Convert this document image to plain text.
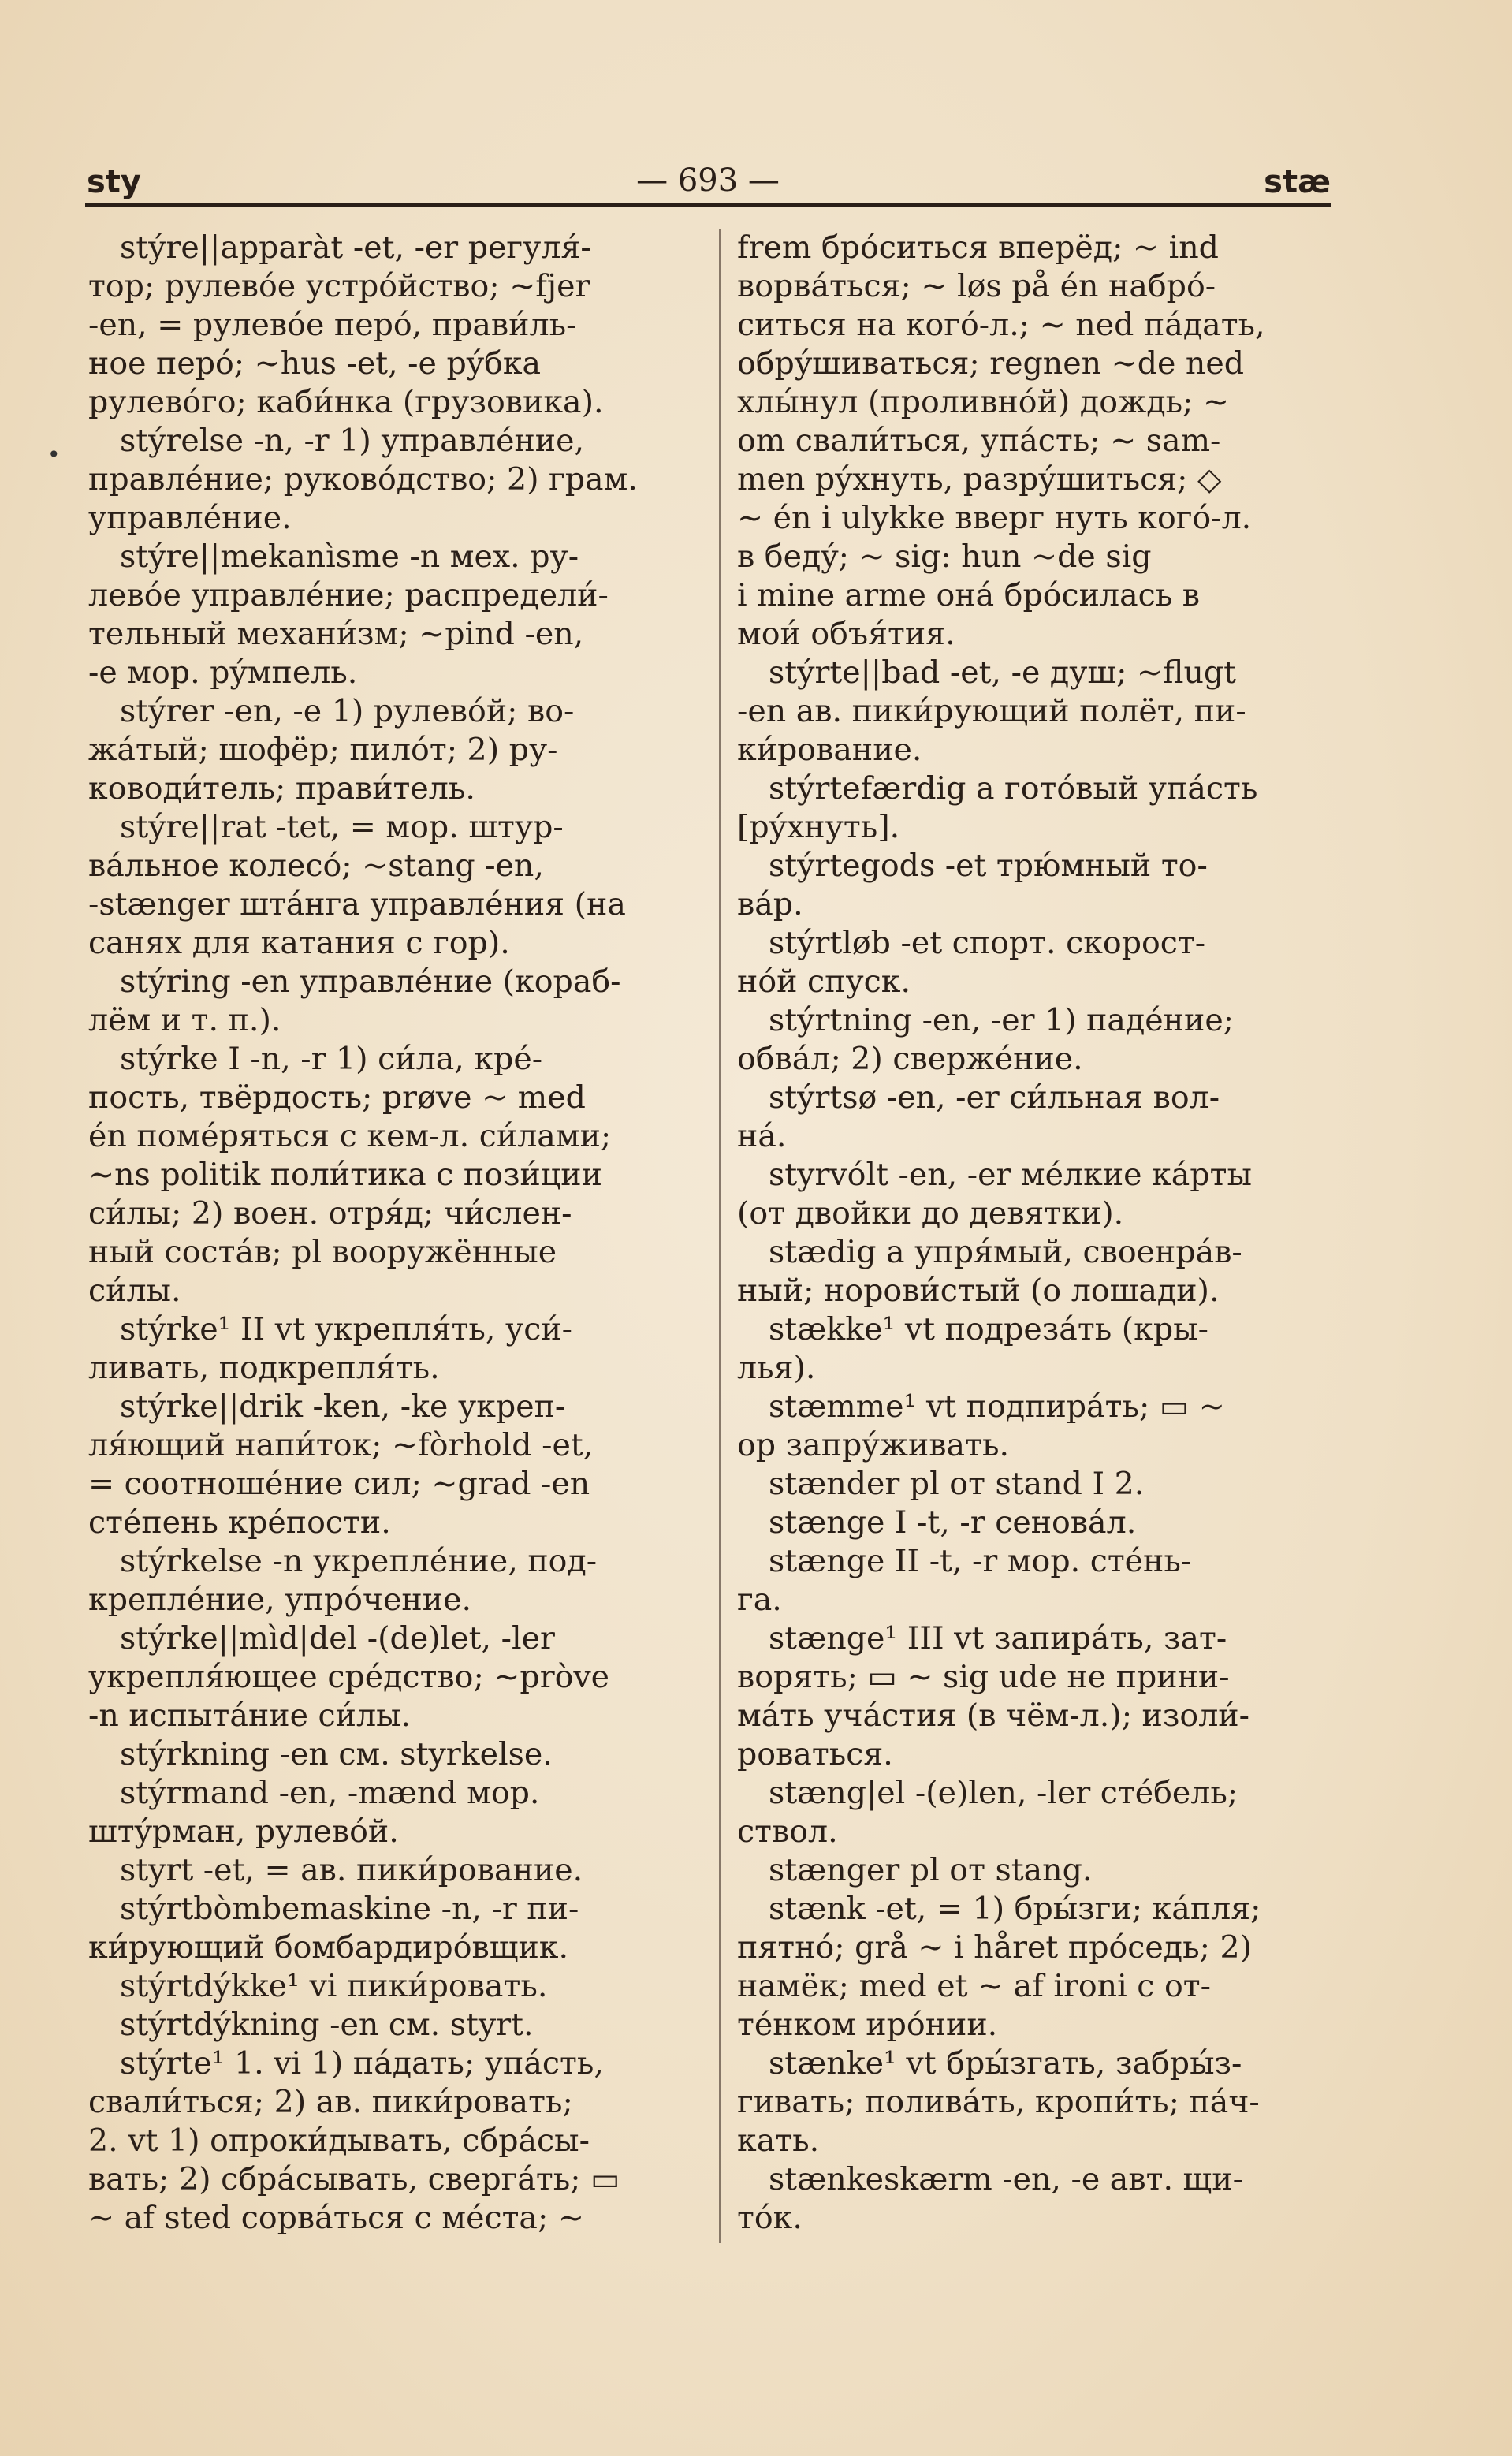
sty	— 693 —	stæ
•
stýre||apparàt -et, -er регуля́-
тор; рулевóе устрóйство; ~fjer
-en, = рулевóе перó, прави́ль-
ное перó; ~hus -et, -e рýбка
рулевóго; каби́нка (грузовика).
stýrelse -n, -r 1) управлéние,
правлéние; руковóдство; 2) грам.
управлéние.
stýre||mekanìsme -n мех. ру-
левóе управлéние; распредели́-
тельный механи́зм; ~pind -en,
-e мор. рýмпель.
stýrer -en, -e 1) рулевóй; во-
жáтый; шофёр; пилóт; 2) ру-
ководи́тель; прави́тель.
stýre||rat -tet, = мор. штур-
вáльное колесó; ~stang -en,
-stænger штáнга управлéния (на
санях для катания с гор).
stýring -en управлéние (кораб-
лём и т. п.).
stýrke I -n, -r 1) си́ла, крé-
пость, твёрдость; prøve ~ med
én помéряться с кем-л. си́лами;
~ns politik поли́тика с пози́ции
си́лы; 2) воен. отря́д; чи́слен-
ный состáв; pl вооружённые
си́лы.
stýrke¹ II vt укрепля́ть, уси́-
ливать, подкрепля́ть.
stýrke||drik -ken, -ke укреп-
ля́ющий напи́ток; ~fòrhold -et,
= соотношéние сил; ~grad -en
стéпень крéпости.
stýrkelse -n укреплéние, под-
креплéние, упрóчение.
stýrke||mìd|del -(de)let, -ler
укрепля́ющее срéдство; ~pròve
-n испытáние си́лы.
stýrkning -en см. styrkelse.
stýrmand -en, -mænd мор.
штýрман, рулевóй.
styrt -et, = ав. пики́рование.
stýrtbòmbemaskine -n, -r пи-
ки́рующий бомбардирóвщик.
stýrtdýkke¹ vi пики́ровать.
stýrtdýkning -en см. styrt.
stýrte¹ 1. vi 1) пáдать; упáсть,
свали́ться; 2) ав. пики́ровать;
2. vt 1) опроки́дывать, сбрáсы-
вать; 2) сбрáсывать, свергáть; ▭
~ af sted сорвáться с мéста; ~
frem брóситься вперёд; ~ ind
ворвáться; ~ løs på én набрó-
ситься на когó-л.; ~ ned пáдать,
обрýшиваться; regnen ~de ned
хлы́нул (проливнóй) дождь; ~
om свали́ться, упáсть; ~ sam-
men рýхнуть, разрýшиться; ◇
~ én i ulykke вверг нуть когó-л.
в бедý; ~ sig: hun ~de sig
i mine arme онá брóсилась в
мои́ объя́тия.
stýrte||bad -et, -e душ; ~flugt
-en ав. пики́рующий полёт, пи-
ки́рование.
stýrtefærdig a готóвый упáсть
[рýхнуть].
stýrtegods -et трю́мный то-
вáр.
stýrtløb -et спорт. скорост-
нóй спуск.
stýrtning -en, -er 1) падéние;
обвáл; 2) свержéние.
stýrtsø -en, -er си́льная вол-
нá.
styrvólt -en, -er мéлкие кáрты
(от двойки до девятки).
stædig a упря́мый, своенрáв-
ный; норови́стый (о лошади).
stække¹ vt подрезáть (кры-
лья).
stæmme¹ vt подпирáть; ▭ ~
op запрýживать.
stænder pl от stand I 2.
stænge I -t, -r сеновáл.
stænge II -t, -r мор. стéнь-
га.
stænge¹ III vt запирáть, зат-
ворять; ▭ ~ sig ude не прини-
мáть учáстия (в чём-л.); изоли́-
роваться.
stæng|el -(e)len, -ler стéбель;
ствол.
stænger pl от stang.
stænk -et, = 1) бры́зги; кáпля;
пятнó; grå ~ i håret прóседь; 2)
намёк; med et ~ af ironi с от-
тéнком ирóнии.
stænke¹ vt бры́згать, забры́з-
гивать; поливáть, кропи́ть; пáч-
кать.
stænkeskærm -en, -e авт. щи-
тóк.
